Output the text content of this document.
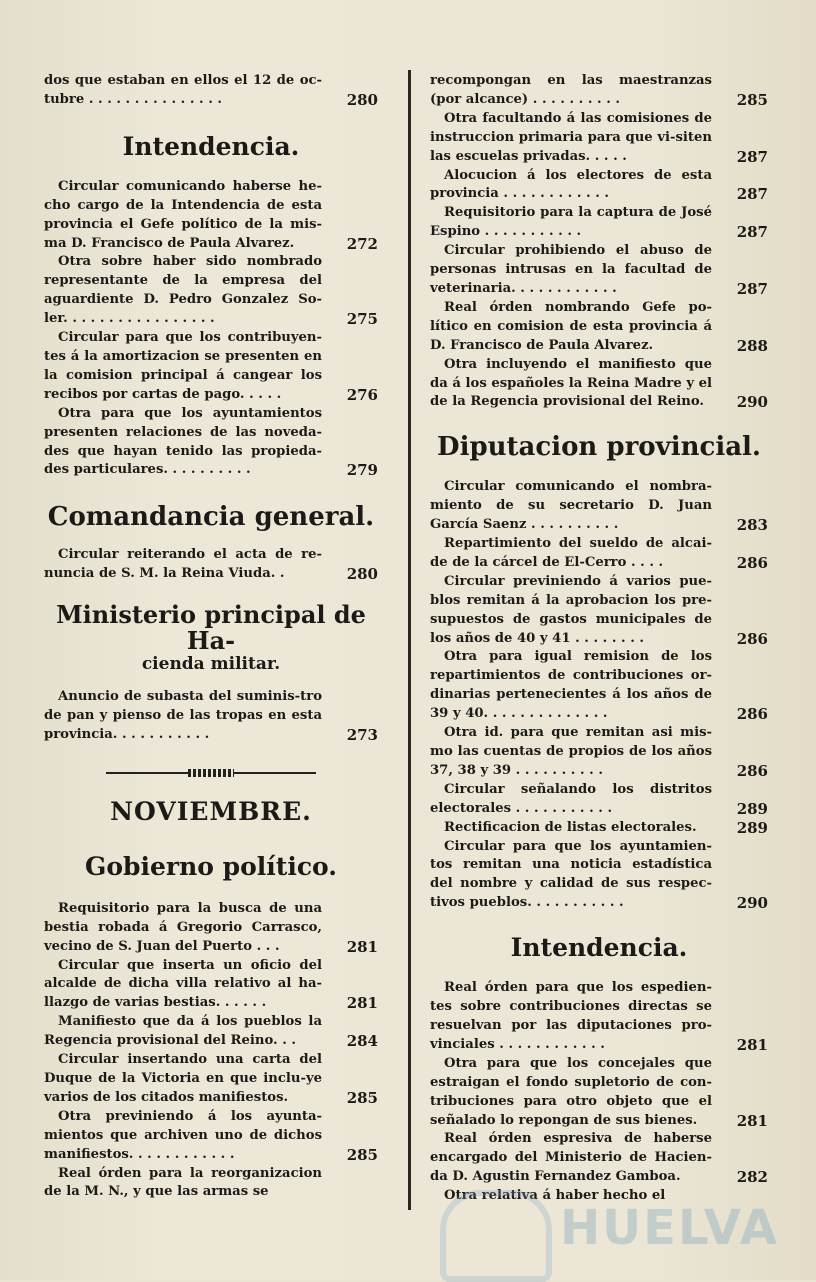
dos que estaban en ellos el 12 de oc-tubre . . . . . . . . . . . . . . .	280
Intendencia.
Circular comunicando haberse he-cho cargo de la Intendencia de esta provincia el Gefe político de la mis-ma D. Francisco de Paula Alvarez.	272
Otra sobre haber sido nombrado representante de la empresa del aguardiente D. Pedro Gonzalez So-ler. . . . . . . . . . . . . . . . .	275
Circular para que los contribuyen-tes á la amortizacion se presenten en la comision principal á cangear los recibos por cartas de pago. . . . .	276
Otra para que los ayuntamientos presenten relaciones de las noveda-des que hayan tenido las propieda-des particulares. . . . . . . . . .	279
Comandancia general.
Circular reiterando el acta de re-nuncia de S. M. la Reina Viuda. .	280
Ministerio principal de Ha-
cienda militar.
Anuncio de subasta del suminis-tro de pan y pienso de las tropas en esta provincia. . . . . . . . . . .	273
NOVIEMBRE.
Gobierno político.
Requisitorio para la busca de una bestia robada á Gregorio Carrasco, vecino de S. Juan del Puerto . . .	281
Circular que inserta un oficio del alcalde de dicha villa relativo al ha-llazgo de varias bestias. . . . . .	281
Manifiesto que da á los pueblos la Regencia provisional del Reino. . .	284
Circular insertando una carta del Duque de la Victoria en que inclu-ye varios de los citados manifiestos.	285
Otra previniendo á los ayunta-mientos que archiven uno de dichos manifiestos. . . . . . . . . . . .	285
Real órden para la reorganizacion de la M. N., y que las armas se
recompongan en las maestranzas (por alcance) . . . . . . . . . .	285
Otra facultando á las comisiones de instruccion primaria para que vi-siten las escuelas privadas. . . . .	287
Alocucion á los electores de esta provincia . . . . . . . . . . . .	287
Requisitorio para la captura de José Espino . . . . . . . . . . .	287
Circular prohibiendo el abuso de personas intrusas en la facultad de veterinaria. . . . . . . . . . . .	287
Real órden nombrando Gefe po-lítico en comision de esta provincia á D. Francisco de Paula Alvarez.	288
Otra incluyendo el manifiesto que da á los españoles la Reina Madre y el de la Regencia provisional del Reino.	290
Diputacion provincial.
Circular comunicando el nombra-miento de su secretario D. Juan García Saenz . . . . . . . . . .	283
Repartimiento del sueldo de alcai-de de la cárcel de El-Cerro . . . .	286
Circular previniendo á varios pue-blos remitan á la aprobacion los pre-supuestos de gastos municipales de los años de 40 y 41 . . . . . . . .	286
Otra para igual remision de los repartimientos de contribuciones or-dinarias pertenecientes á los años de 39 y 40. . . . . . . . . . . . . .	286
Otra id. para que remitan asi mis-mo las cuentas de propios de los años 37, 38 y 39 . . . . . . . . . .	286
Circular señalando los distritos electorales . . . . . . . . . . .	289
Rectificacion de listas electorales.	289
Circular para que los ayuntamien-tos remitan una noticia estadística del nombre y calidad de sus respec-tivos pueblos. . . . . . . . . . .	290
Intendencia.
Real órden para que los espedien-tes sobre contribuciones directas se resuelvan por las diputaciones pro-vinciales . . . . . . . . . . . .	281
Otra para que los concejales que estraigan el fondo supletorio de con-tribuciones para otro objeto que el señalado lo repongan de sus bienes.	281
Real órden espresiva de haberse encargado del Ministerio de Hacien-da D. Agustin Fernandez Gamboa.	282
Otra relativa á haber hecho el
HUELVA
